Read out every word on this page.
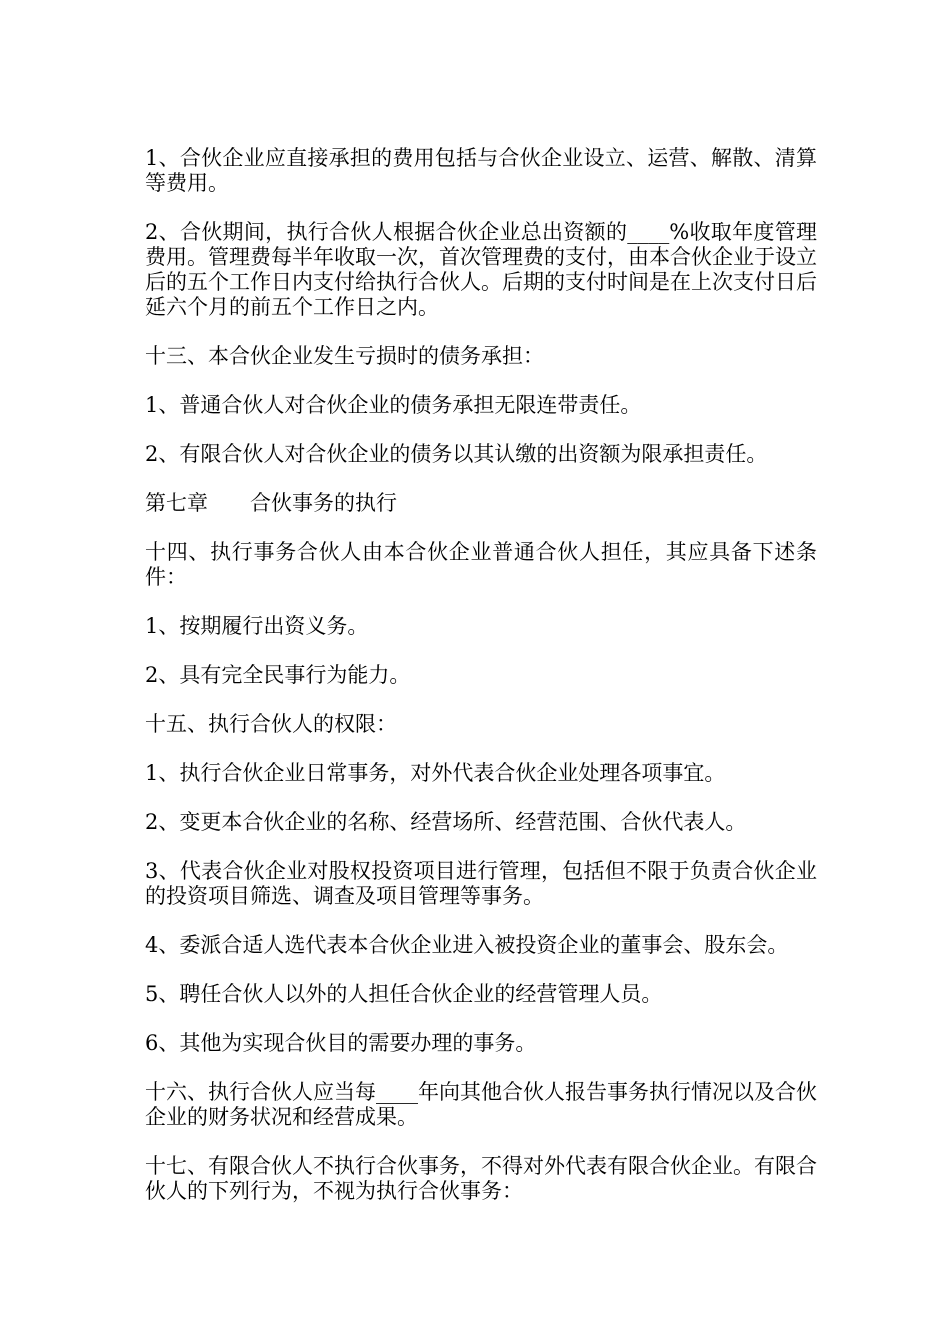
1、合伙企业应直接承担的费用包括与合伙企业设立、运营、解散、清算等费用。

2、合伙期间，执行合伙人根据合伙企业总出资额的____%收取年度管理费用。管理费每半年收取一次，首次管理费的支付，由本合伙企业于设立后的五个工作日内支付给执行合伙人。后期的支付时间是在上次支付日后延六个月的前五个工作日之内。

十三、本合伙企业发生亏损时的债务承担：

1、普通合伙人对合伙企业的债务承担无限连带责任。

2、有限合伙人对合伙企业的债务以其认缴的出资额为限承担责任。

第七章　　合伙事务的执行

十四、执行事务合伙人由本合伙企业普通合伙人担任，其应具备下述条件：

1、按期履行出资义务。

2、具有完全民事行为能力。

十五、执行合伙人的权限：

1、执行合伙企业日常事务，对外代表合伙企业处理各项事宜。

2、变更本合伙企业的名称、经营场所、经营范围、合伙代表人。

3、代表合伙企业对股权投资项目进行管理，包括但不限于负责合伙企业的投资项目筛选、调查及项目管理等事务。

4、委派合适人选代表本合伙企业进入被投资企业的董事会、股东会。

5、聘任合伙人以外的人担任合伙企业的经营管理人员。

6、其他为实现合伙目的需要办理的事务。

十六、执行合伙人应当每____年向其他合伙人报告事务执行情况以及合伙企业的财务状况和经营成果。

十七、有限合伙人不执行合伙事务，不得对外代表有限合伙企业。有限合伙人的下列行为，不视为执行合伙事务：
